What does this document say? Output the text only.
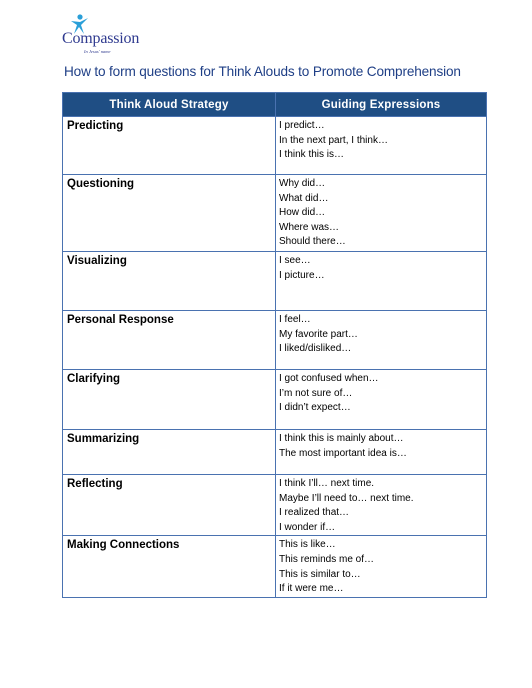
Compassion
In Jesus' name
How to form questions for Think Alouds to Promote Comprehension
Think Aloud Strategy	Guiding Expressions
Predicting	I predict…
In the next part, I think…
I think this is…

Questioning	Why did…
What did…
How did…
Where was…
Should there…

Visualizing	I see…
I picture…

Personal Response	I feel…
My favorite part…
I liked/disliked…

Clarifying	I got confused when…
I’m not sure of…
I didn’t expect…

Summarizing	I think this is mainly about…
The most important idea is…

Reflecting	I think I’ll… next time.
Maybe I’ll need to… next time.
I realized that…
I wonder if…

Making Connections	This is like…
This reminds me of…
This is similar to…
If it were me…
